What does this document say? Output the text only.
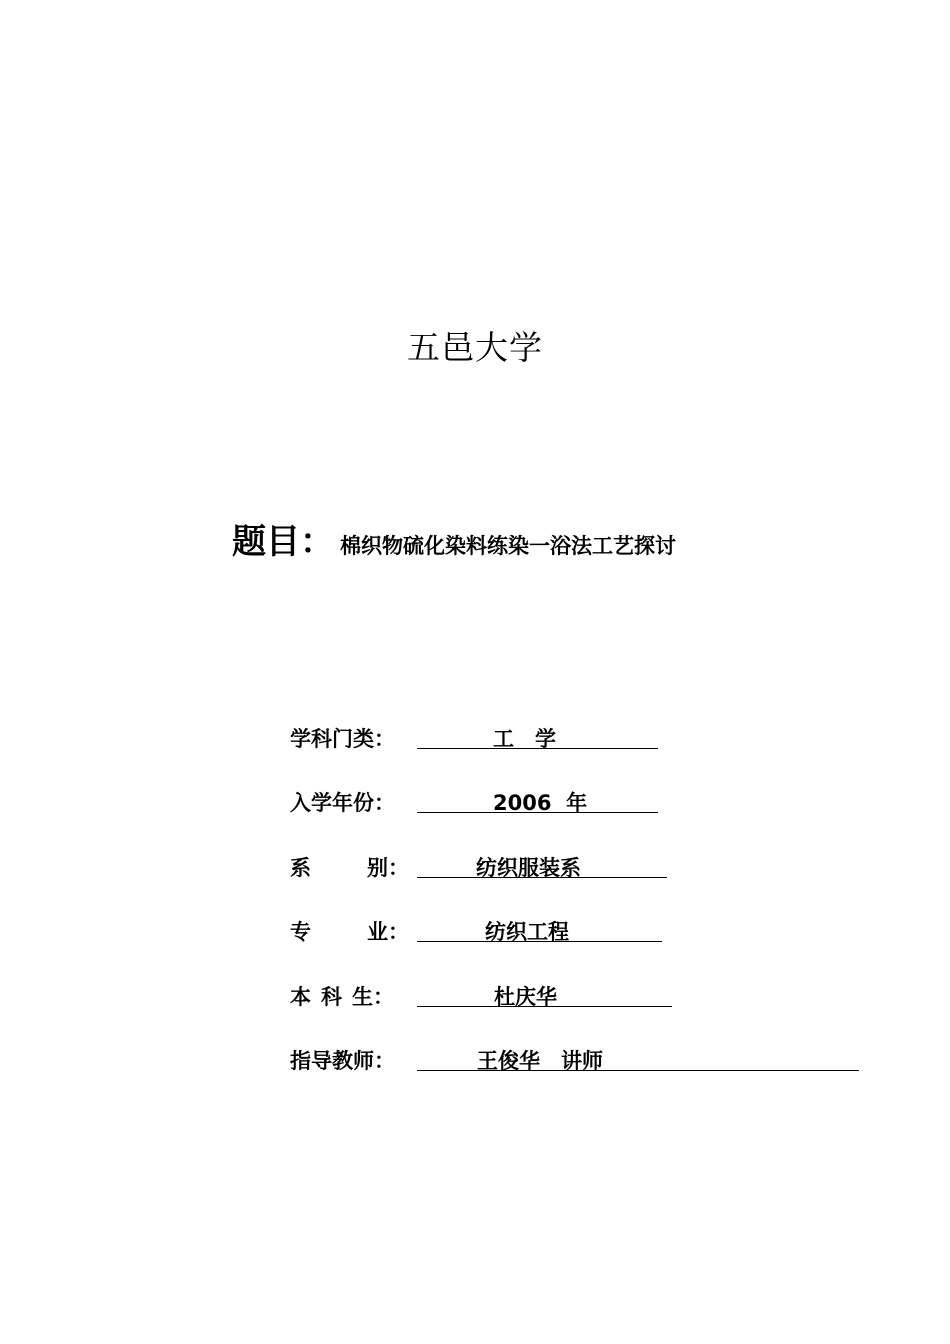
五邑大学
题目 ： 棉织物硫化染料练染一浴法工艺探讨
学科门类：	工　学
入学年份：	2006  年
系	别：	纺织服装系
专	业：	纺织工程
本 科 生：	杜庆华
指导教师：	王俊华　讲师
